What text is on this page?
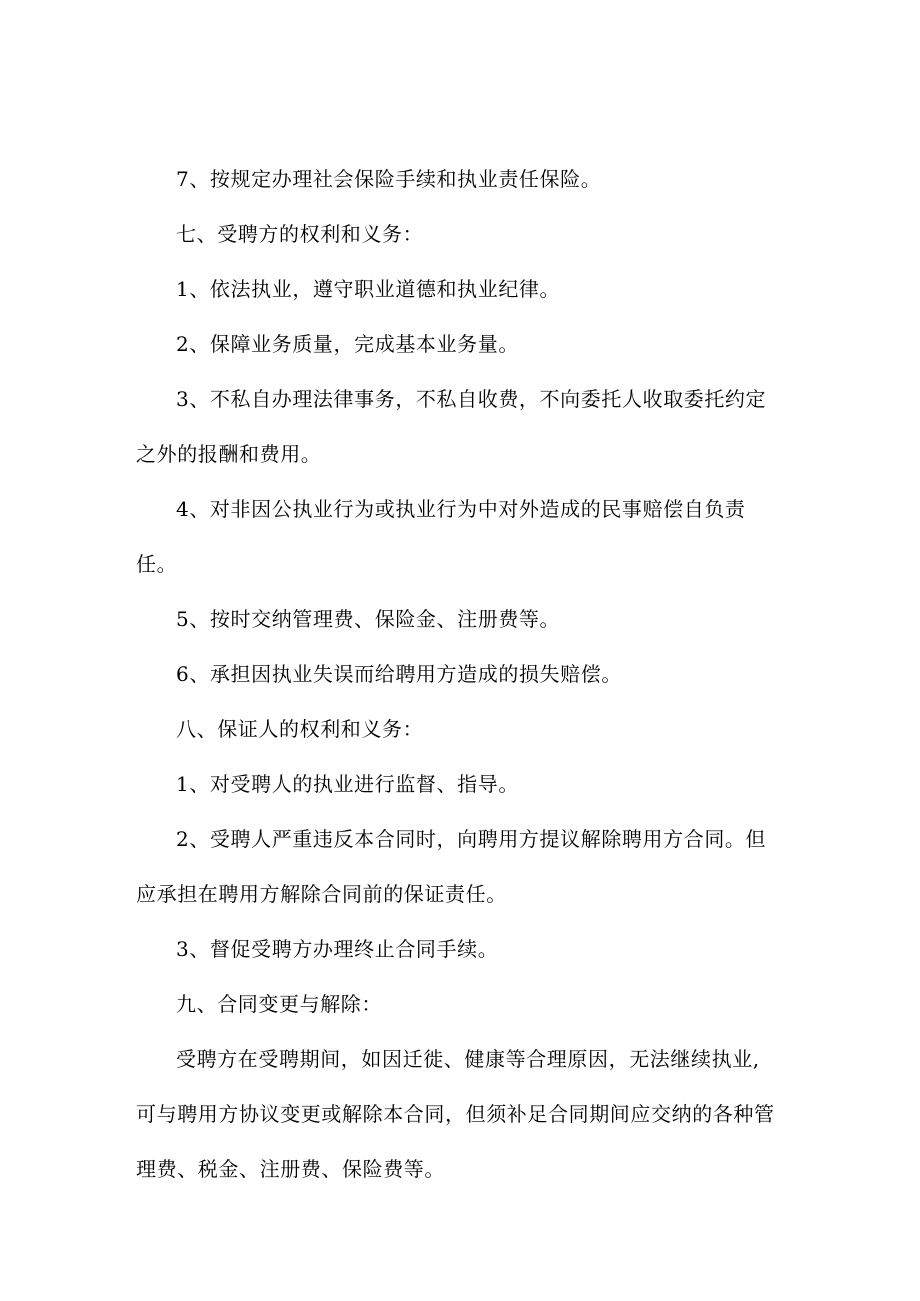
7、按规定办理社会保险手续和执业责任保险。

七、受聘方的权利和义务：

1、依法执业，遵守职业道德和执业纪律。

2、保障业务质量，完成基本业务量。

3、不私自办理法律事务，不私自收费，不向委托人收取委托约定之外的报酬和费用。

4、对非因公执业行为或执业行为中对外造成的民事赔偿自负责任。

5、按时交纳管理费、保险金、注册费等。

6、承担因执业失误而给聘用方造成的损失赔偿。

八、保证人的权利和义务：

1、对受聘人的执业进行监督、指导。

2、受聘人严重违反本合同时，向聘用方提议解除聘用方合同。但应承担在聘用方解除合同前的保证责任。

3、督促受聘方办理终止合同手续。

九、合同变更与解除：

受聘方在受聘期间，如因迁徙、健康等合理原因，无法继续执业,可与聘用方协议变更或解除本合同，但须补足合同期间应交纳的各种管理费、税金、注册费、保险费等。
